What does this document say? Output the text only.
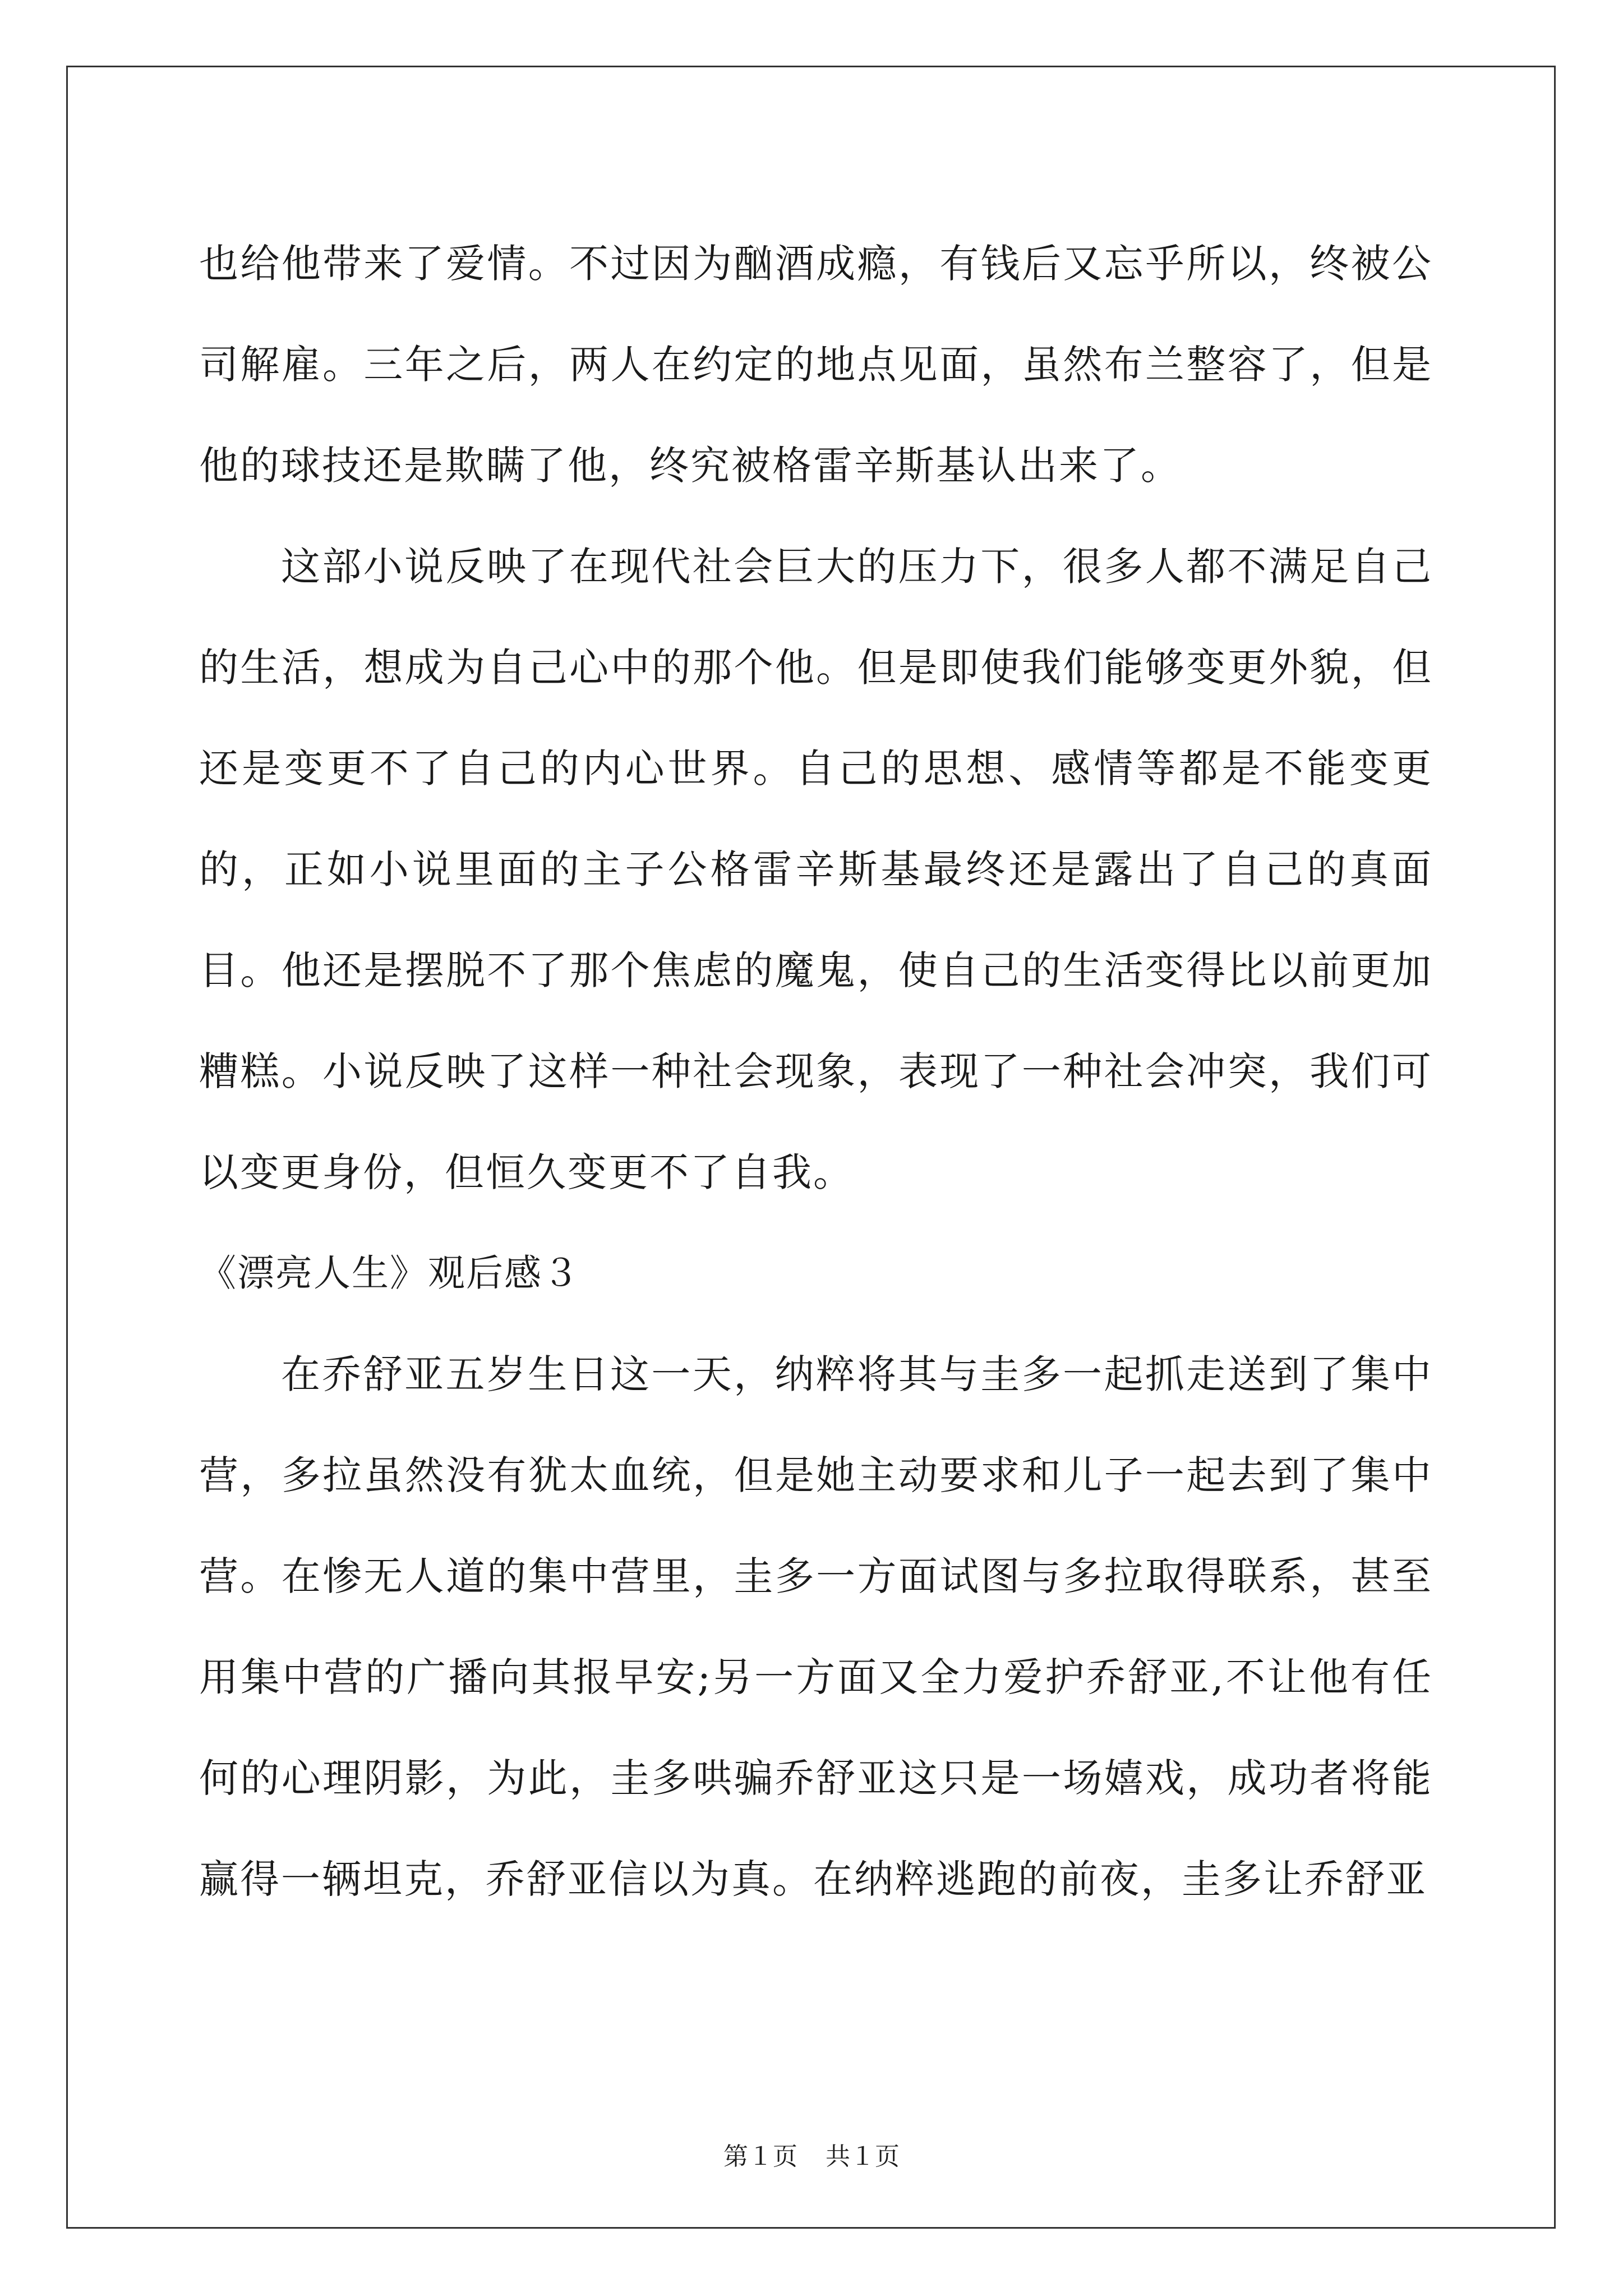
也给他带来了爱情。不过因为酗酒成瘾，有钱后又忘乎所以，终被公司解雇。三年之后，两人在约定的地点见面，虽然布兰整容了，但是他的球技还是欺瞒了他，终究被格雷辛斯基认出来了。

这部小说反映了在现代社会巨大的压力下，很多人都不满足自己的生活，想成为自己心中的那个他。但是即使我们能够变更外貌，但还是变更不了自己的内心世界。自己的思想、感情等都是不能变更的，正如小说里面的主子公格雷辛斯基最终还是露出了自己的真面目。他还是摆脱不了那个焦虑的魔鬼，使自己的生活变得比以前更加糟糕。小说反映了这样一种社会现象，表现了一种社会冲突，我们可以变更身份，但恒久变更不了自我。

《漂亮人生》观后感３

在乔舒亚五岁生日这一天，纳粹将其与圭多一起抓走送到了集中营，多拉虽然没有犹太血统，但是她主动要求和儿子一起去到了集中营。在惨无人道的集中营里，圭多一方面试图与多拉取得联系，甚至用集中营的广播向其报早安;另一方面又全力爱护乔舒亚,不让他有任何的心理阴影，为此，圭多哄骗乔舒亚这只是一场嬉戏，成功者将能赢得一辆坦克，乔舒亚信以为真。在纳粹逃跑的前夜，圭多让乔舒亚

第１页 共１页
